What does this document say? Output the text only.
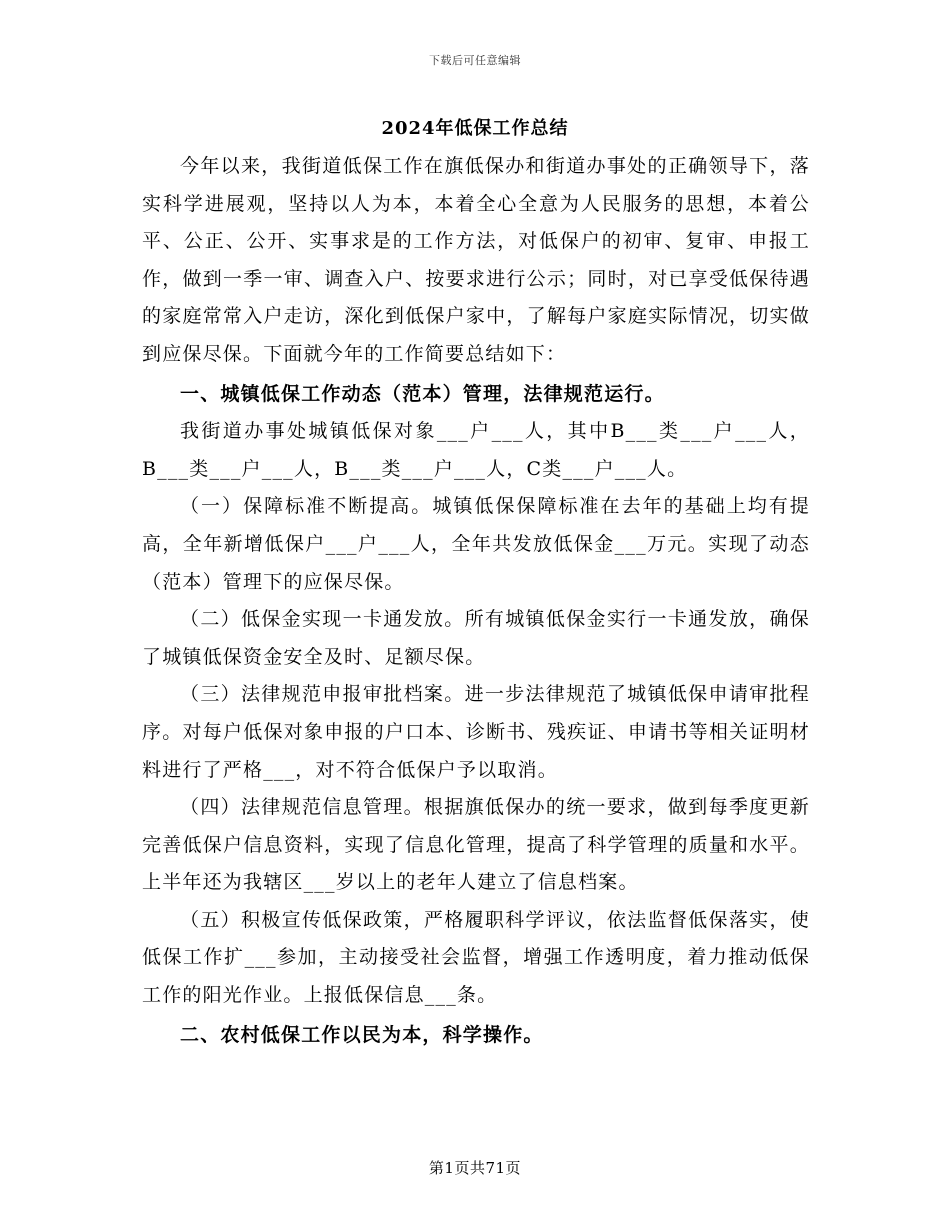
下载后可任意编辑
2024年低保工作总结

今年以来，我街道低保工作在旗低保办和街道办事处的正确领导下，落实科学进展观，坚持以人为本，本着全心全意为人民服务的思想，本着公平、公正、公开、实事求是的工作方法，对低保户的初审、复审、申报工作，做到一季一审、调查入户、按要求进行公示；同时，对已享受低保待遇的家庭常常入户走访，深化到低保户家中，了解每户家庭实际情况，切实做到应保尽保。下面就今年的工作简要总结如下：

一、城镇低保工作动态（范本）管理，法律规范运行。

我街道办事处城镇低保对象___户___人，其中B___类___户___人，B___类___户___人，B___类___户___人，C类___户___人。

（一）保障标准不断提高。城镇低保保障标准在去年的基础上均有提高，全年新增低保户___户___人，全年共发放低保金___万元。实现了动态（范本）管理下的应保尽保。

（二）低保金实现一卡通发放。所有城镇低保金实行一卡通发放，确保了城镇低保资金安全及时、足额尽保。

（三）法律规范申报审批档案。进一步法律规范了城镇低保申请审批程序。对每户低保对象申报的户口本、诊断书、残疾证、申请书等相关证明材料进行了严格___，对不符合低保户予以取消。

（四）法律规范信息管理。根据旗低保办的统一要求，做到每季度更新完善低保户信息资料，实现了信息化管理，提高了科学管理的质量和水平。上半年还为我辖区___岁以上的老年人建立了信息档案。

（五）积极宣传低保政策，严格履职科学评议，依法监督低保落实，使低保工作扩___参加，主动接受社会监督，增强工作透明度，着力推动低保工作的阳光作业。上报低保信息___条。

二、农村低保工作以民为本，科学操作。

第1页共71页
